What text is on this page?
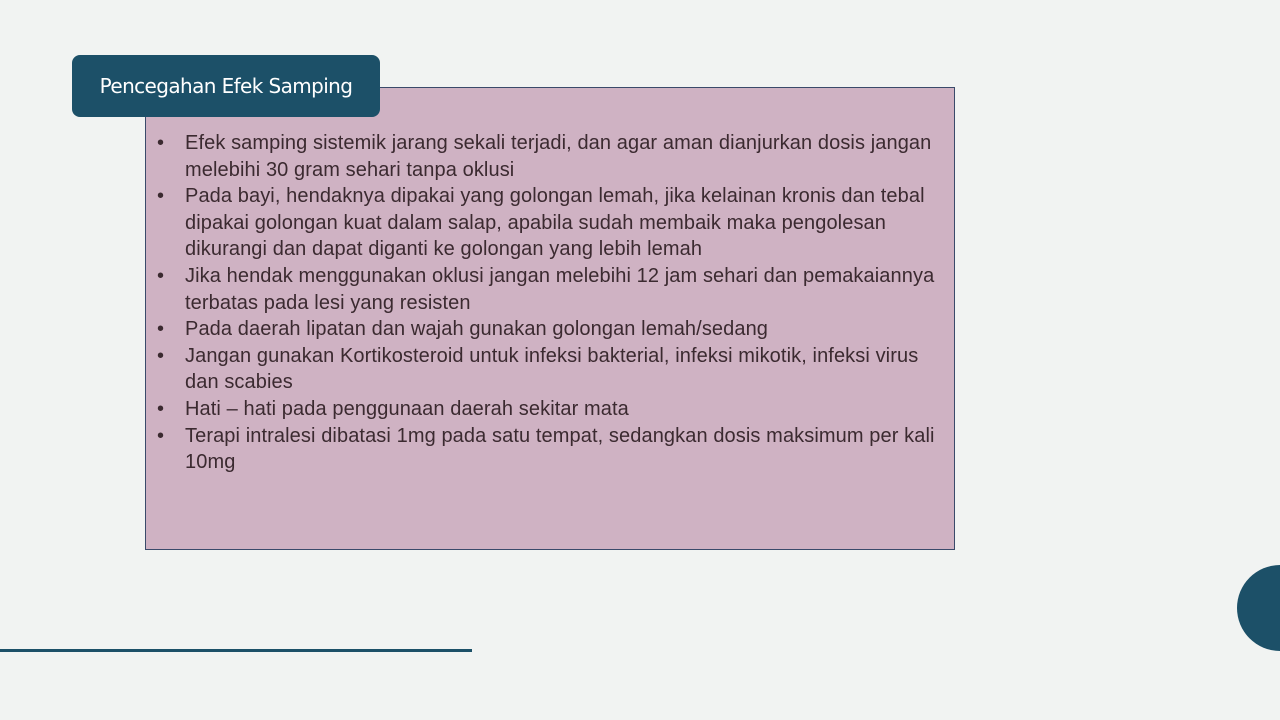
Pencegahan Efek Samping
• Efek samping sistemik jarang sekali terjadi, dan agar aman dianjurkan dosis jangan melebihi 30 gram sehari tanpa oklusi
• Pada bayi, hendaknya dipakai yang golongan lemah, jika kelainan kronis dan tebal dipakai golongan kuat dalam salap, apabila sudah membaik maka pengolesan dikurangi dan dapat diganti ke golongan yang lebih lemah
• Jika hendak menggunakan oklusi jangan melebihi 12 jam sehari dan pemakaiannya terbatas pada lesi yang resisten
• Pada daerah lipatan dan wajah gunakan golongan lemah/sedang
• Jangan gunakan Kortikosteroid untuk infeksi bakterial, infeksi mikotik, infeksi virus dan scabies
• Hati – hati pada penggunaan daerah sekitar mata
• Terapi intralesi dibatasi 1mg pada satu tempat, sedangkan dosis maksimum per kali 10mg
